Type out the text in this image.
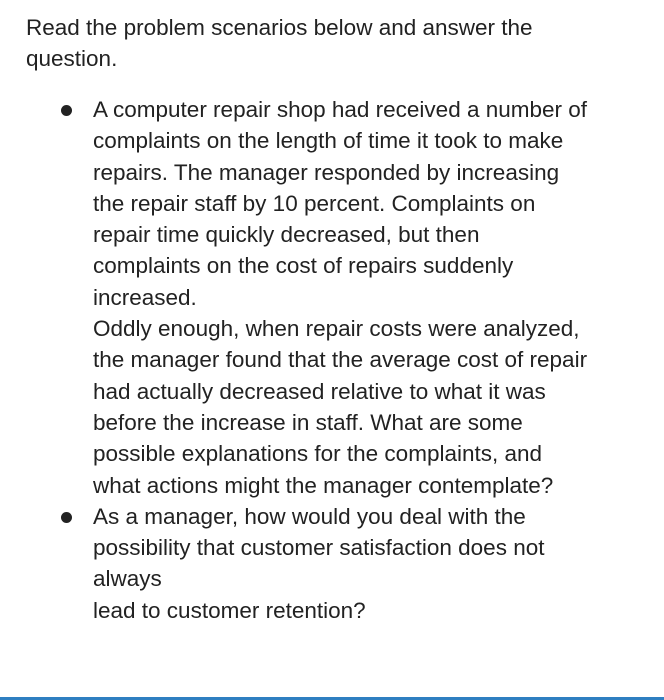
Read the problem scenarios below and answer the
question.

A computer repair shop had received a number of
complaints on the length of time it took to make
repairs. The manager responded by increasing
the repair staff by 10 percent. Complaints on
repair time quickly decreased, but then
complaints on the cost of repairs suddenly
increased.
Oddly enough, when repair costs were analyzed,
the manager found that the average cost of repair
had actually decreased relative to what it was
before the increase in staff. What are some
possible explanations for the complaints, and
what actions might the manager contemplate?
As a manager, how would you deal with the
possibility that customer satisfaction does not
always
lead to customer retention?
